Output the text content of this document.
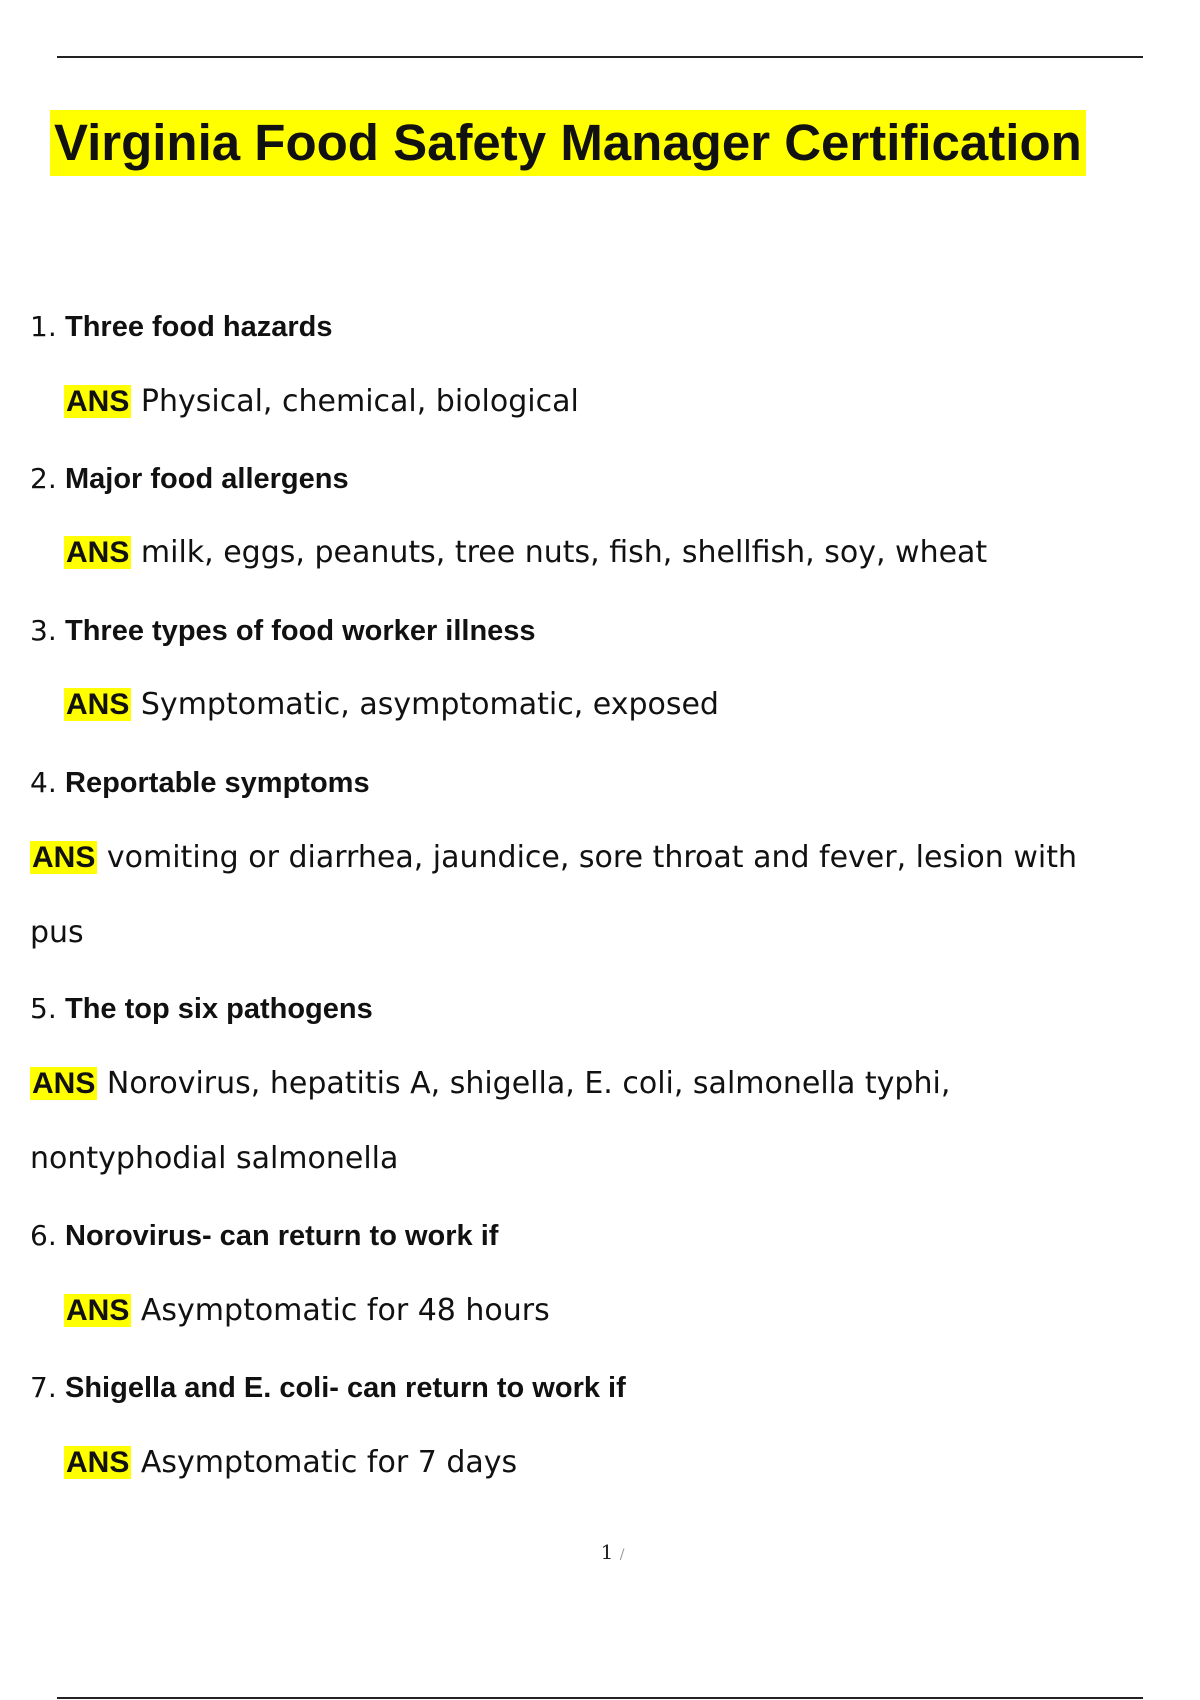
Virginia Food Safety Manager Certification
1. Three food hazards
ANS Physical, chemical, biological
2. Major food allergens
ANS milk, eggs, peanuts, tree nuts, fish, shellfish, soy, wheat
3. Three types of food worker illness
ANS Symptomatic, asymptomatic, exposed
4. Reportable symptoms
ANS vomiting or diarrhea, jaundice, sore throat and fever, lesion with
pus
5. The top six pathogens
ANS Norovirus, hepatitis A, shigella, E. coli, salmonella typhi,
nontyphodial salmonella
6. Norovirus- can return to work if
ANS Asymptomatic for 48 hours
7. Shigella and E. coli- can return to work if
ANS Asymptomatic for 7 days
1 /
